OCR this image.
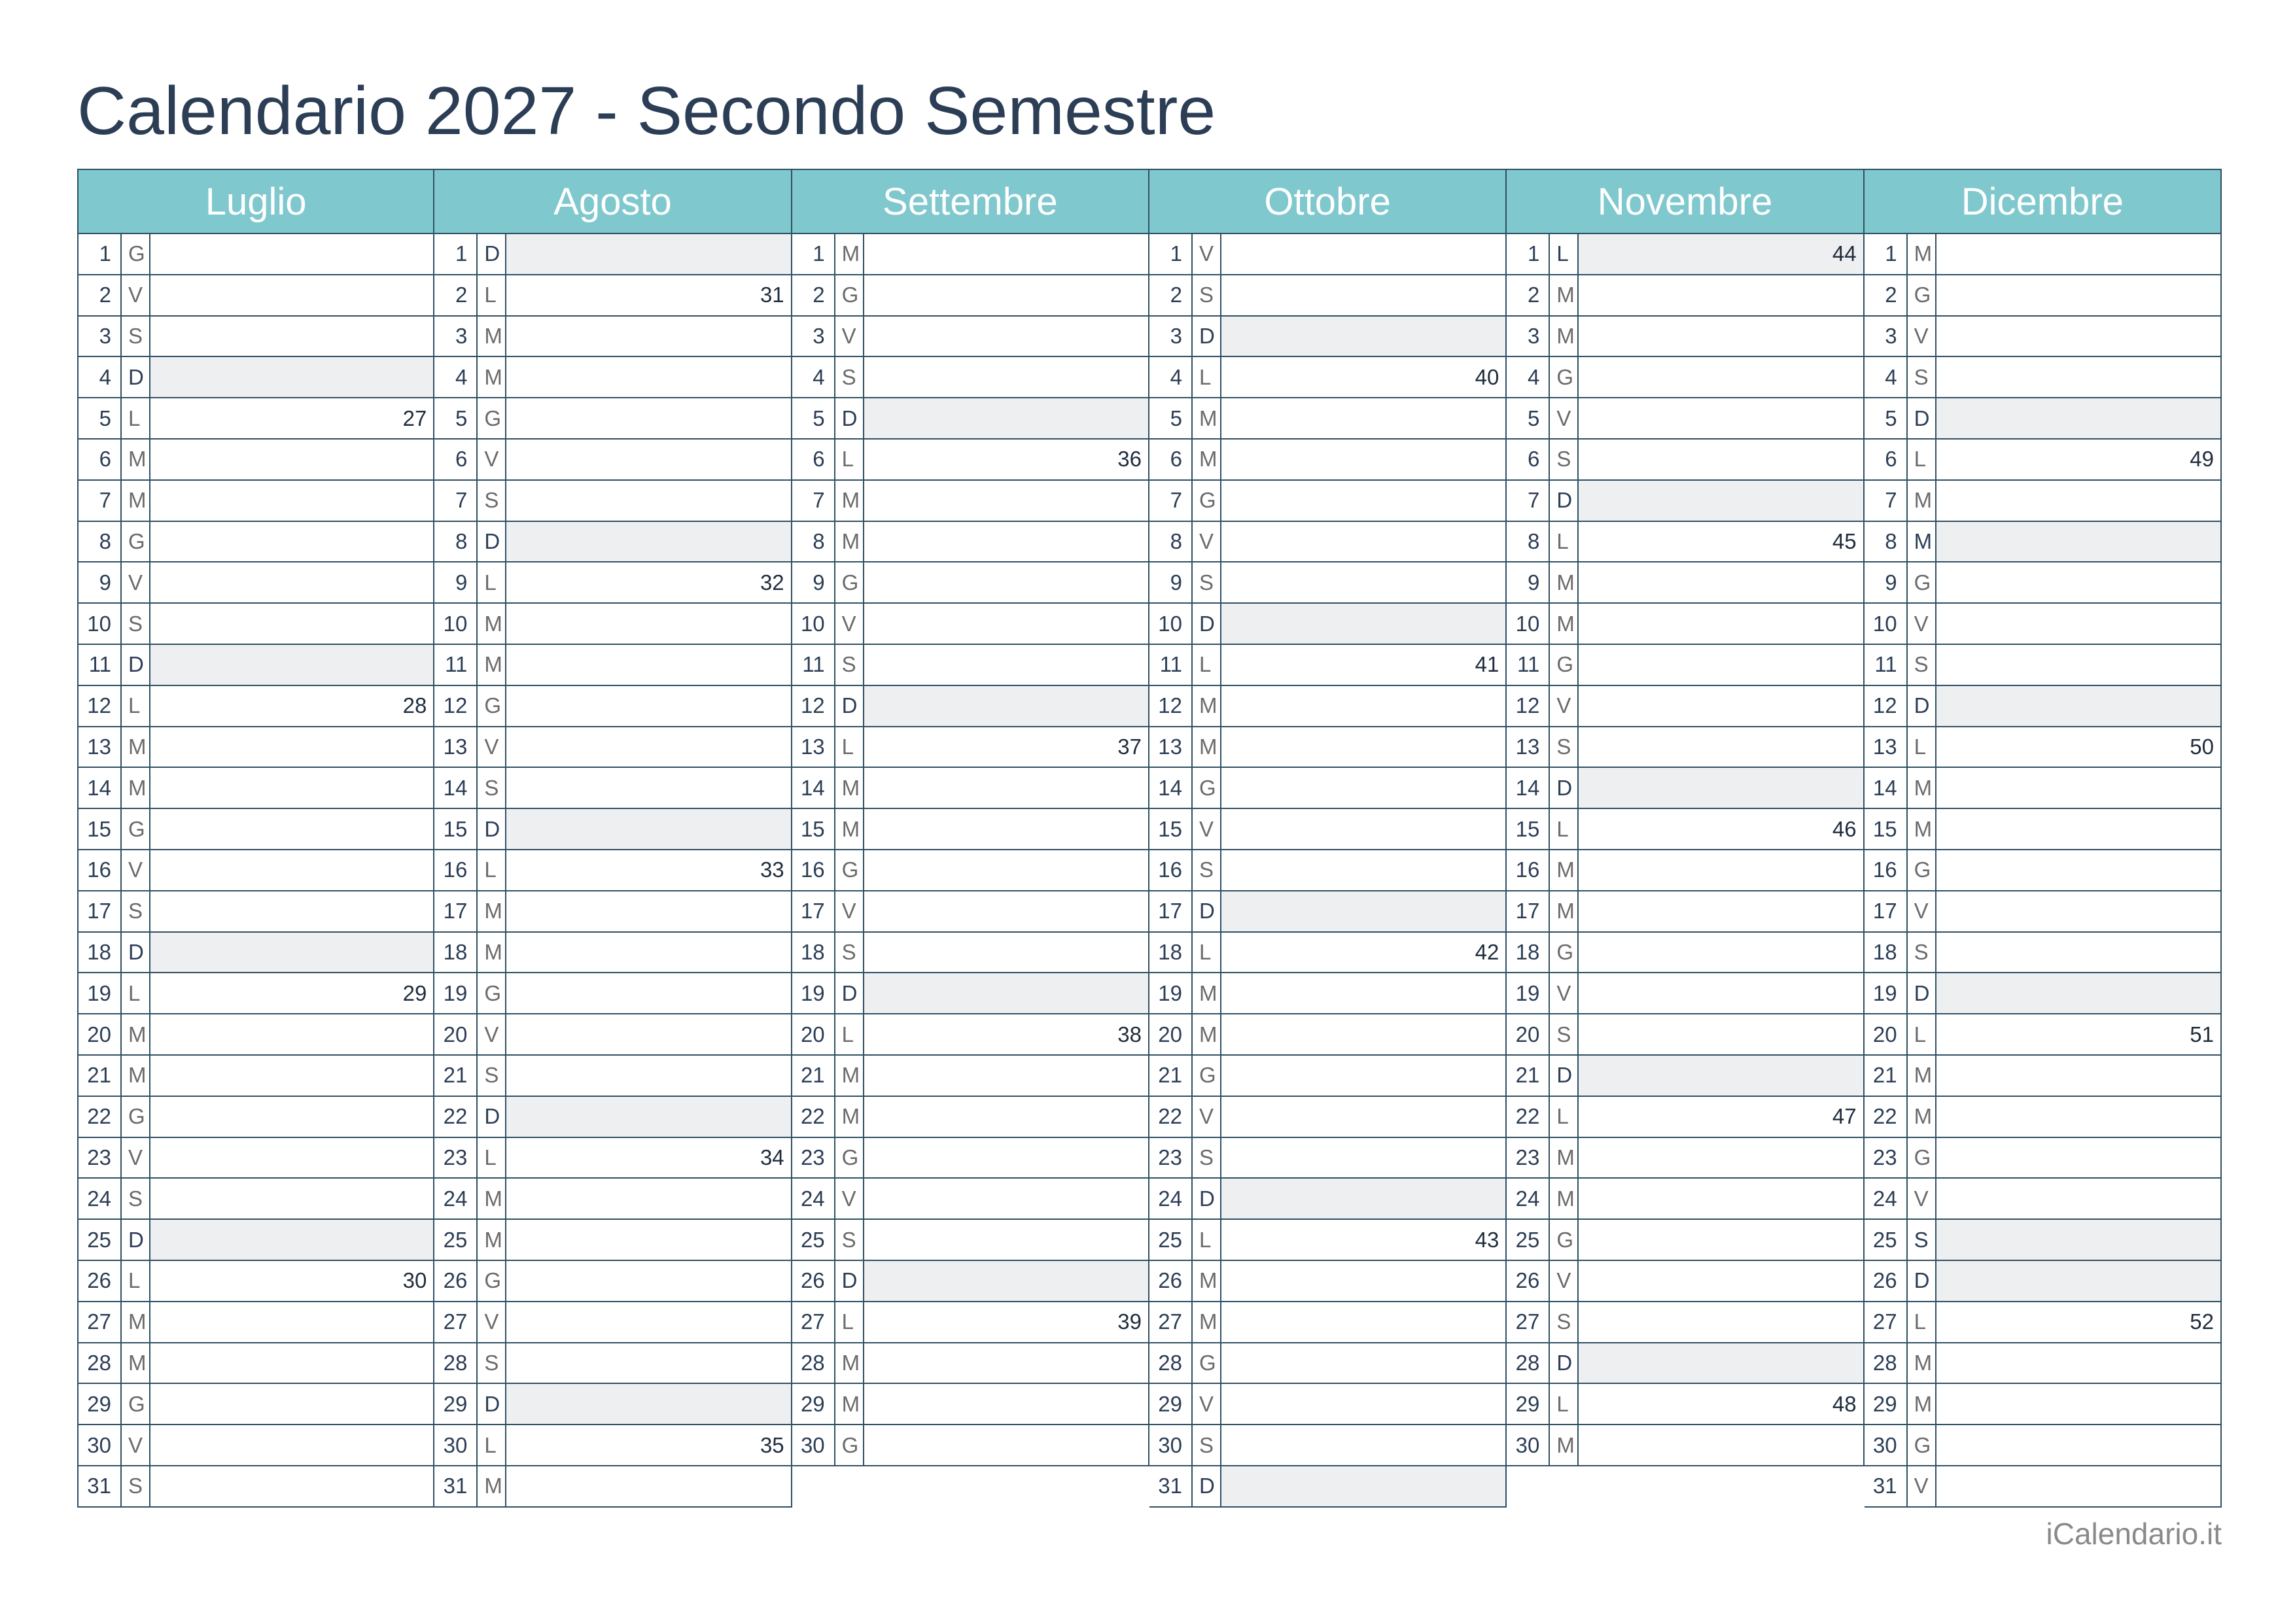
Calendario 2027 - Secondo Semestre
Luglio
1 G
2 V
3 S
4 D
5 L	27
6 M
7 M
8 G
9 V
10 S
11 D
12 L	28
13 M
14 M
15 G
16 V
17 S
18 D
19 L	29
20 M
21 M
22 G
23 V
24 S
25 D
26 L	30
27 M
28 M
29 G
30 V
31 S
Agosto
1 D
2 L	31
3 M
4 M
5 G
6 V
7 S
8 D
9 L	32
10 M
11 M
12 G
13 V
14 S
15 D
16 L	33
17 M
18 M
19 G
20 V
21 S
22 D
23 L	34
24 M
25 M
26 G
27 V
28 S
29 D
30 L	35
31 M
Settembre
1 M
2 G
3 V
4 S
5 D
6 L	36
7 M
8 M
9 G
10 V
11 S
12 D
13 L	37
14 M
15 M
16 G
17 V
18 S
19 D
20 L	38
21 M
22 M
23 G
24 V
25 S
26 D
27 L	39
28 M
29 M
30 G
Ottobre
1 V
2 S
3 D
4 L	40
5 M
6 M
7 G
8 V
9 S
10 D
11 L	41
12 M
13 M
14 G
15 V
16 S
17 D
18 L	42
19 M
20 M
21 G
22 V
23 S
24 D
25 L	43
26 M
27 M
28 G
29 V
30 S
31 D
Novembre
1 L	44
2 M
3 M
4 G
5 V
6 S
7 D
8 L	45
9 M
10 M
11 G
12 V
13 S
14 D
15 L	46
16 M
17 M
18 G
19 V
20 S
21 D
22 L	47
23 M
24 M
25 G
26 V
27 S
28 D
29 L	48
30 M
Dicembre
1 M
2 G
3 V
4 S
5 D
6 L	49
7 M
8 M
9 G
10 V
11 S
12 D
13 L	50
14 M
15 M
16 G
17 V
18 S
19 D
20 L	51
21 M
22 M
23 G
24 V
25 S
26 D
27 L	52
28 M
29 M
30 G
31 V
iCalendario.it
